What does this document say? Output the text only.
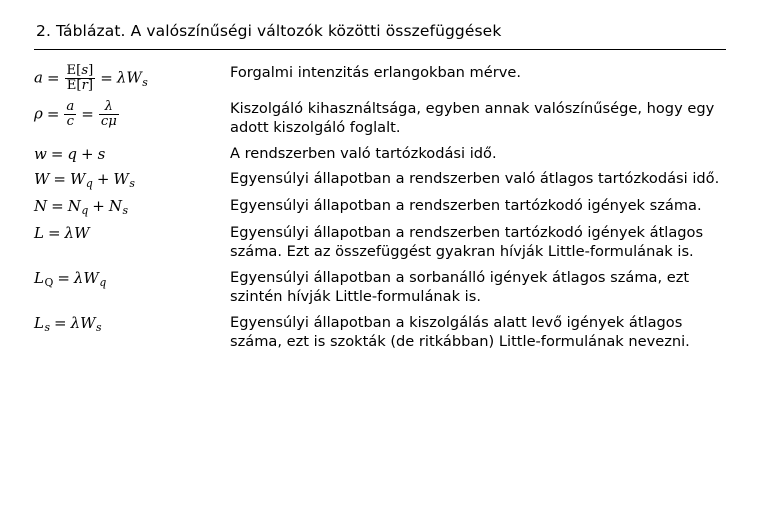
2. Táblázat. A valószínűségi változók közötti összefüggések
$a = \frac{E[s]}{E[r]} = \lambda W_s$	Forgalmi intenzitás erlangokban mérve.
$\rho = \frac{a}{c} = \frac{\lambda}{c\mu}$	Kiszolgáló kihasználtsága, egyben annak valószínűsége, hogy egy adott kiszolgáló foglalt.
w = q + s	A rendszerben való tartózkodási idő.
$W = W_q + W_s$	Egyensúlyi állapotban a rendszerben való átlagos tartózkodási idő.
$N = N_q + N_s$	Egyensúlyi állapotban a rendszerben tartózkodó igények száma.
L = λW	Egyensúlyi állapotban a rendszerben tartózkodó igények átlagos száma. Ezt az összefüggést gyakran hívják Little-formulának is.
$L_Q = \lambda W_q$	Egyensúlyi állapotban a sorbanálló igények átlagos száma, ezt szintén hívják Little-formulának is.
$L_s = \lambda W_s$	Egyensúlyi állapotban a kiszolgálás alatt levő igények átlagos száma, ezt is szokták (de ritkábban) Little-formulának nevezni.
